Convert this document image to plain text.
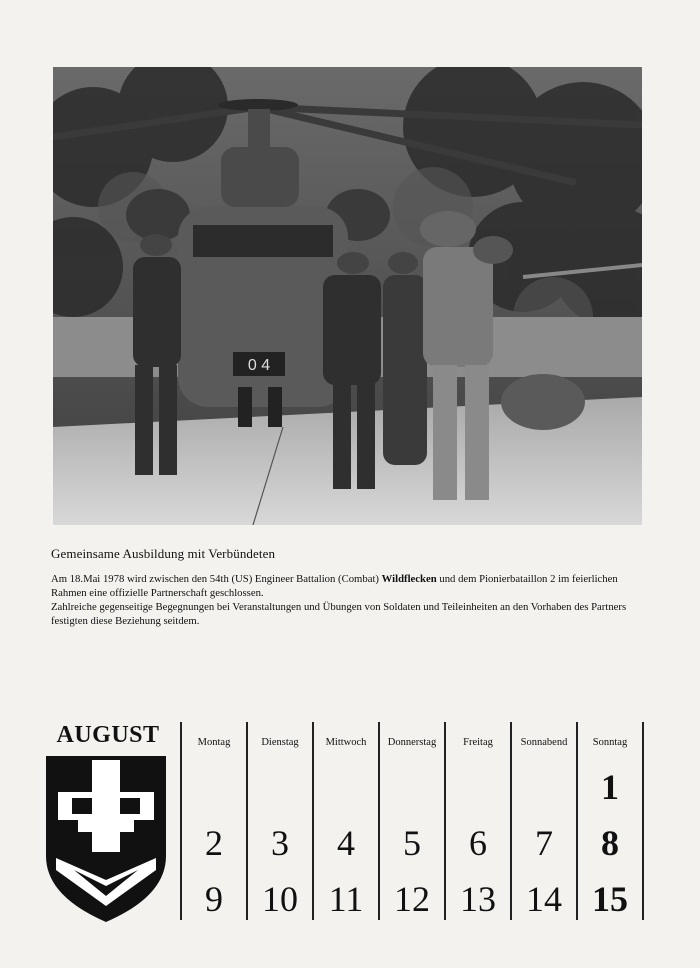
0 4
Gemeinsame Ausbildung mit Verbündeten

Am 18.Mai 1978 wird zwischen den 54th (US) Engineer Battalion (Combat) Wildflecken und dem Pionierbataillon 2 im feierlichen Rahmen eine offizielle Partnerschaft geschlossen.

Zahlreiche gegenseitige Begegnungen bei Veranstaltungen und Übungen von Soldaten und Teileinheiten an den Vorhaben des Partners festigten diese Beziehung seitdem.

AUGUST	Montag
2
9
Dienstag
3
10
Mittwoch
4
11
Donnerstag
5
12
Freitag
6
13
Sonnabend
7
14
Sonntag
1
8
15
